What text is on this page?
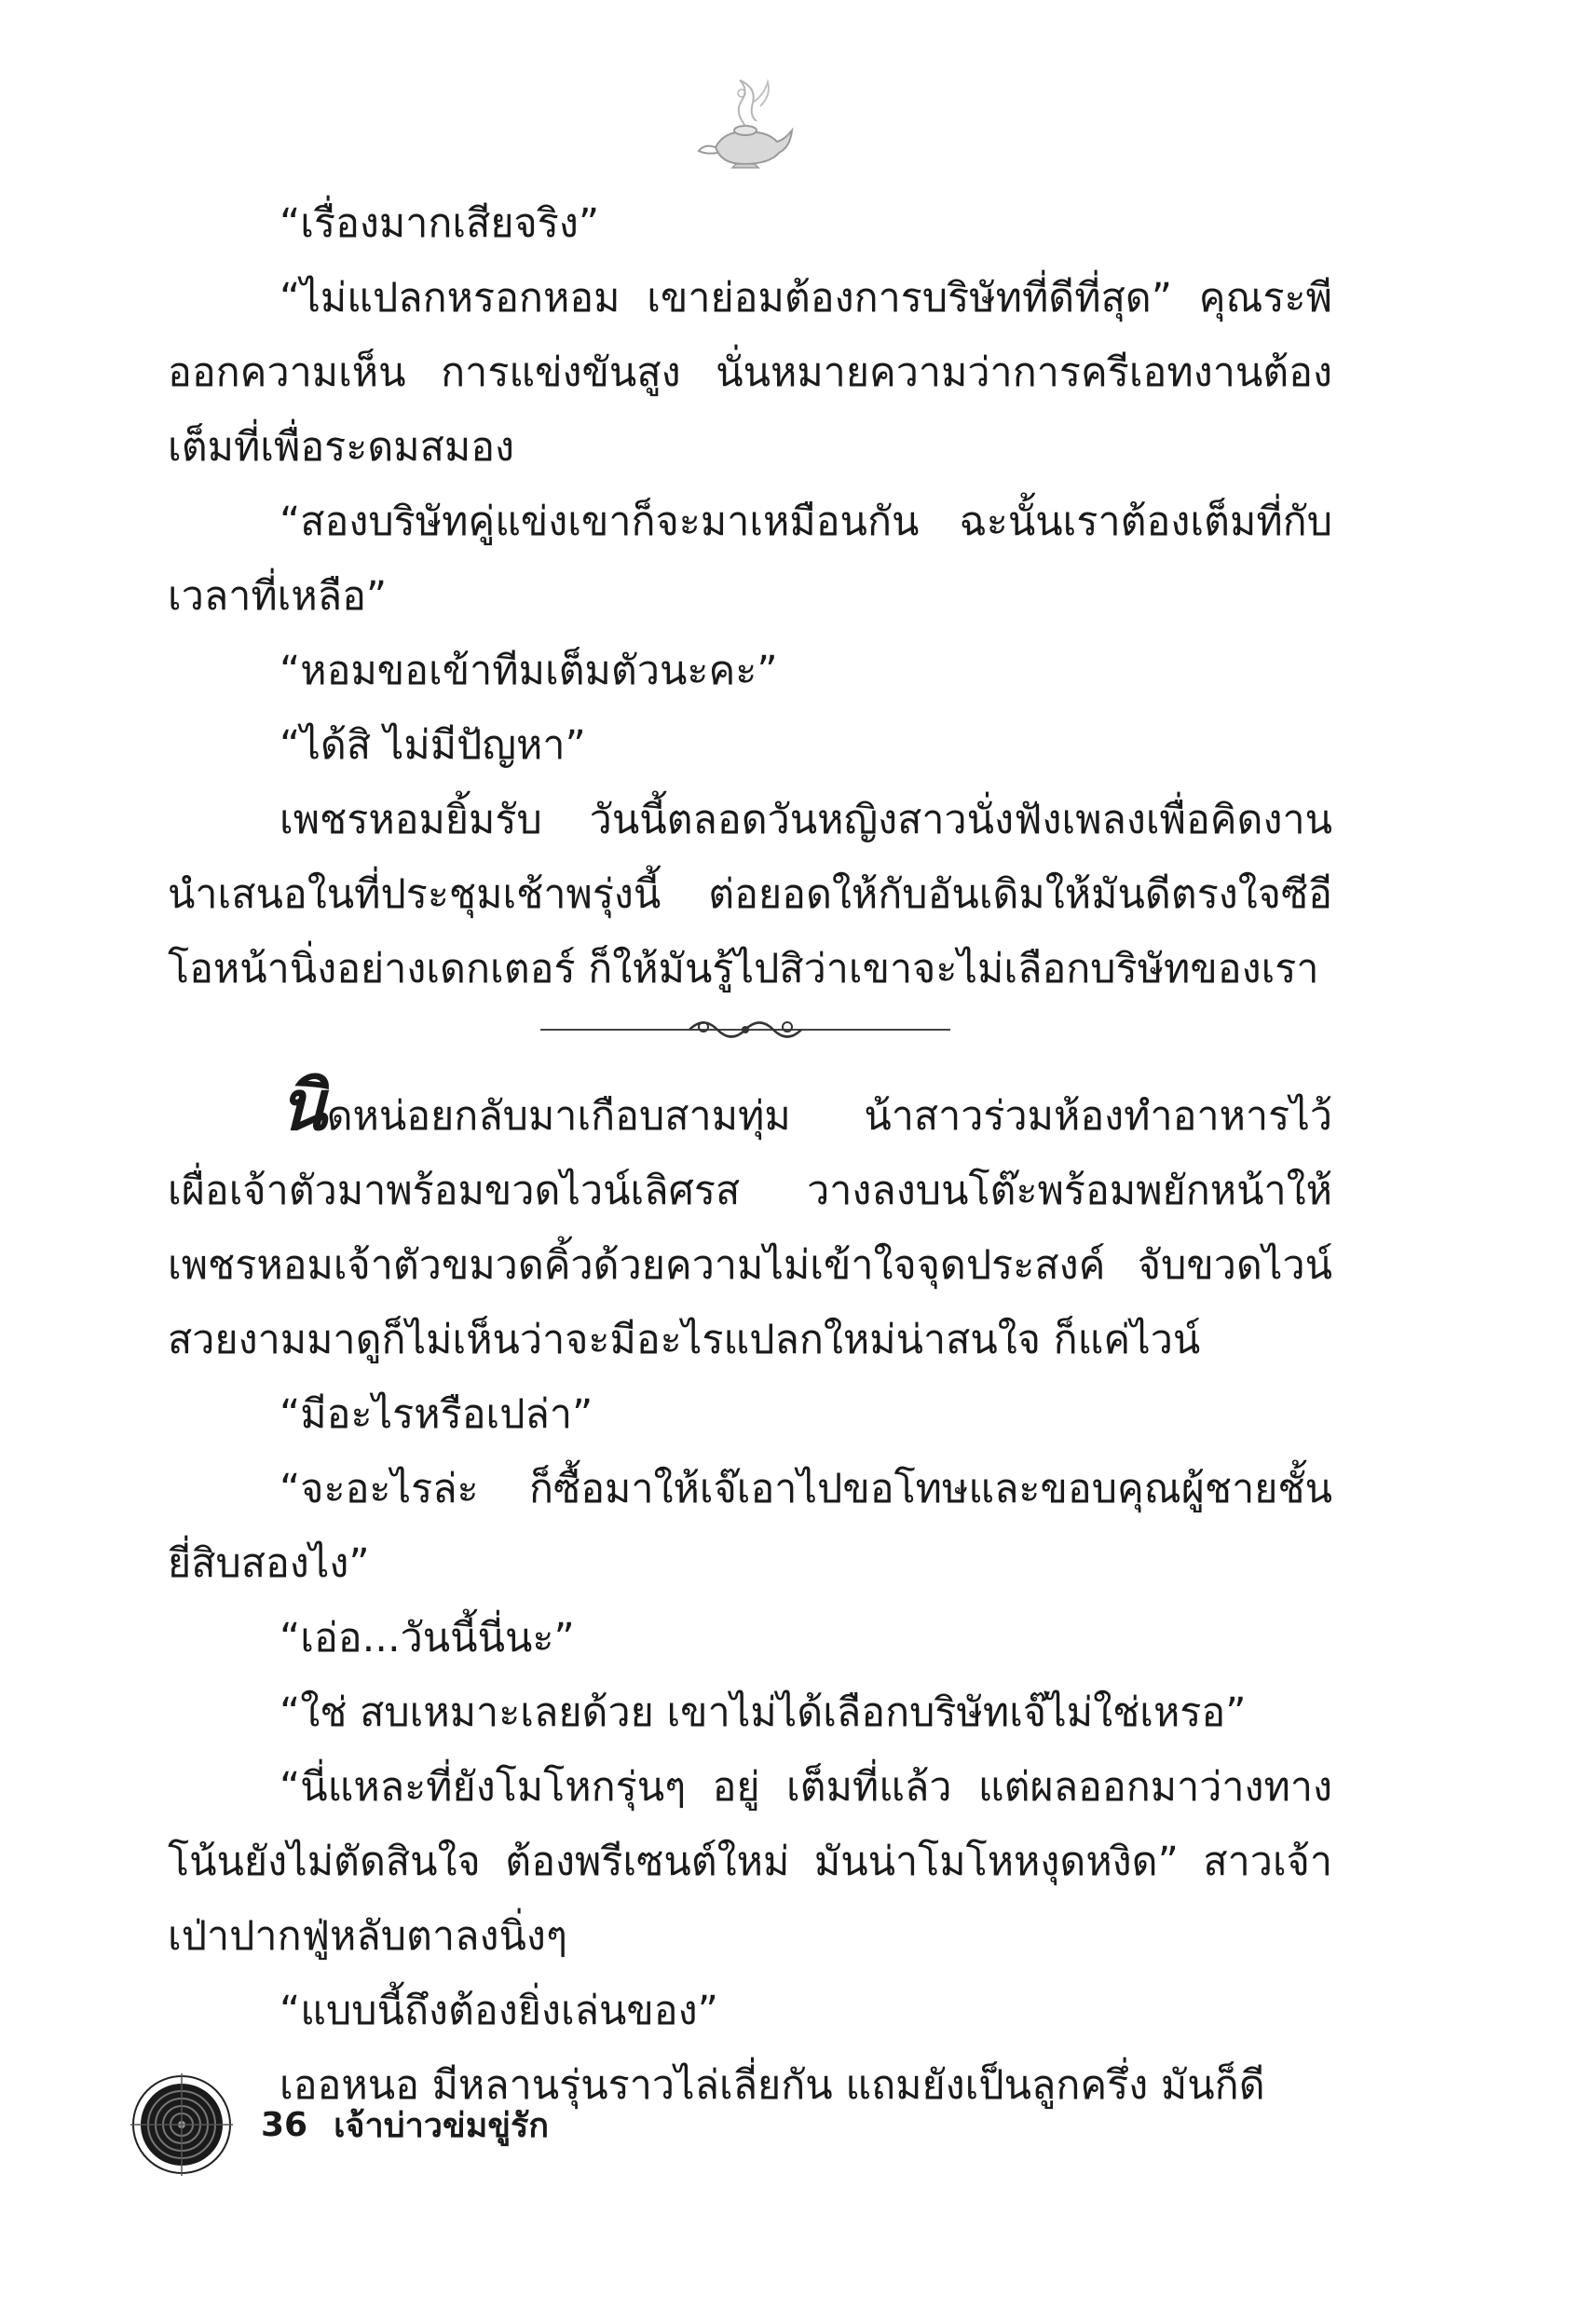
“เรื่องมากเสียจริง”

“ไม่แปลกหรอกหอม เขาย่อมต้องการบริษัทที่ดีที่สุด” คุณระพีออกความเห็น การแข่งขันสูง นั่นหมายความว่าการครีเอทงานต้องเต็มที่เพื่อระดมสมอง

“สองบริษัทคู่แข่งเขาก็จะมาเหมือนกัน ฉะนั้นเราต้องเต็มที่กับเวลาที่เหลือ”

“หอมขอเข้าทีมเต็มตัวนะคะ”

“ได้สิ ไม่มีปัญหา”

เพชรหอมยิ้มรับ วันนี้ตลอดวันหญิงสาวนั่งฟังเพลงเพื่อคิดงานนำเสนอในที่ประชุมเช้าพรุ่งนี้ ต่อยอดให้กับอันเดิมให้มันดีตรงใจซีอีโอหน้านิ่งอย่างเดกเตอร์ ก็ให้มันรู้ไปสิว่าเขาจะไม่เลือกบริษัทของเรา

นิดหน่อยกลับมาเกือบสามทุ่ม น้าสาวร่วมห้องทำอาหารไว้เผื่อเจ้าตัวมาพร้อมขวดไวน์เลิศรส วางลงบนโต๊ะพร้อมพยักหน้าให้เพชรหอมเจ้าตัวขมวดคิ้วด้วยความไม่เข้าใจจุดประสงค์ จับขวดไวน์สวยงามมาดูก็ไม่เห็นว่าจะมีอะไรแปลกใหม่น่าสนใจ ก็แค่ไวน์

“มีอะไรหรือเปล่า”

“จะอะไรล่ะ ก็ซื้อมาให้เจ๊เอาไปขอโทษและขอบคุณผู้ชายชั้นยี่สิบสองไง”

“เอ่อ...วันนี้นี่นะ”

“ใช่ สบเหมาะเลยด้วย เขาไม่ได้เลือกบริษัทเจ๊ไม่ใช่เหรอ”

“นี่แหละที่ยังโมโหกรุ่นๆ อยู่ เต็มที่แล้ว แต่ผลออกมาว่างทางโน้นยังไม่ตัดสินใจ ต้องพรีเซนต์ใหม่ มันน่าโมโหหงุดหงิด” สาวเจ้าเป่าปากฟู่หลับตาลงนิ่งๆ

“แบบนี้ถึงต้องยิ่งเล่นของ”

เออหนอ มีหลานรุ่นราวไล่เลี่ยกัน แถมยังเป็นลูกครึ่ง มันก็ดี

36 เจ้าบ่าวข่มขู่รัก
